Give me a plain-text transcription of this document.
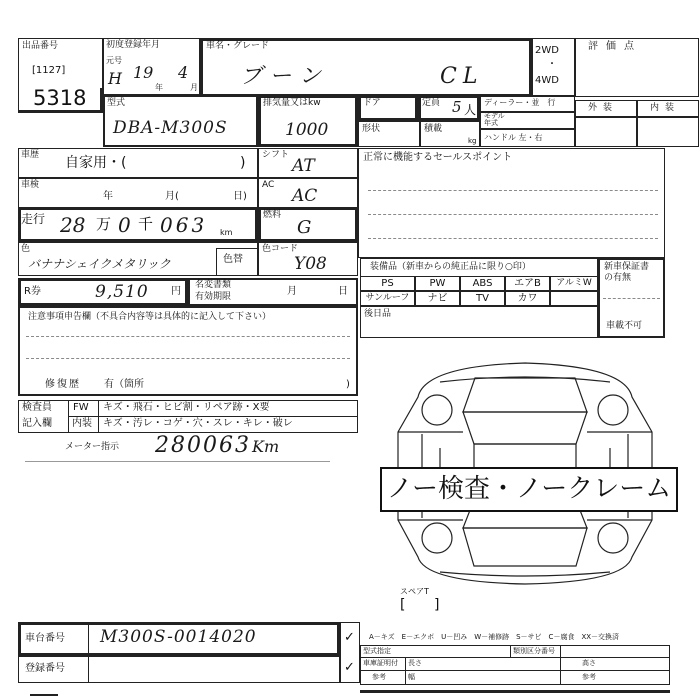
出品番号
[1127]
5318
初度登録年月
元号
H 19
年
4
月
車名・グレード
ブーン	CL
2WD
・
4WD
評価点
型式
DBA-M300S
排気量又はkw
1000
ドア	定員 5 人
ディーラー・並　行
モデル
年式
ハンドル 左・右
形状	積載
kg
外装	内装
車歴 自家用・(	) シフト
AT
車検
年	月(	日)
AC
AC
走行 28 万 0 千 063 km
燃料
G
色
バナナシェイクメタリック	色替
色コード
Y08
R券	9,510 円
名変書類
有効期限	月	日
注意事項申告欄（不具合内容等は具体的に記入して下さい）
修復歴 有（箇所	)
正常に機能するセールスポイント
装備品（新車からの純正品に限り○印）
PS	PW	ABS	エアB	アルミW
サンルーフ	ナビ	TV	カワ
後日品
新車保証書
の有無
車載不可
検査員
記入欄
FW キズ・飛石・ヒビ割・リペア跡・X要
内装 キズ・汚レ・コゲ・穴・スレ・キレ・破レ
メーター指示 280063 Km
ノー検査・ノークレーム
スペアT
[ ]
車台番号 M300S-0014020
登録番号
✓
✓
A－キズ　E－エクボ　U－凹み　W－補修跡　S－サビ　C－腐食　XX－交換済
型式指定	類別区分番号
車庫証明付 長さ	高さ
参考	幅	参考
